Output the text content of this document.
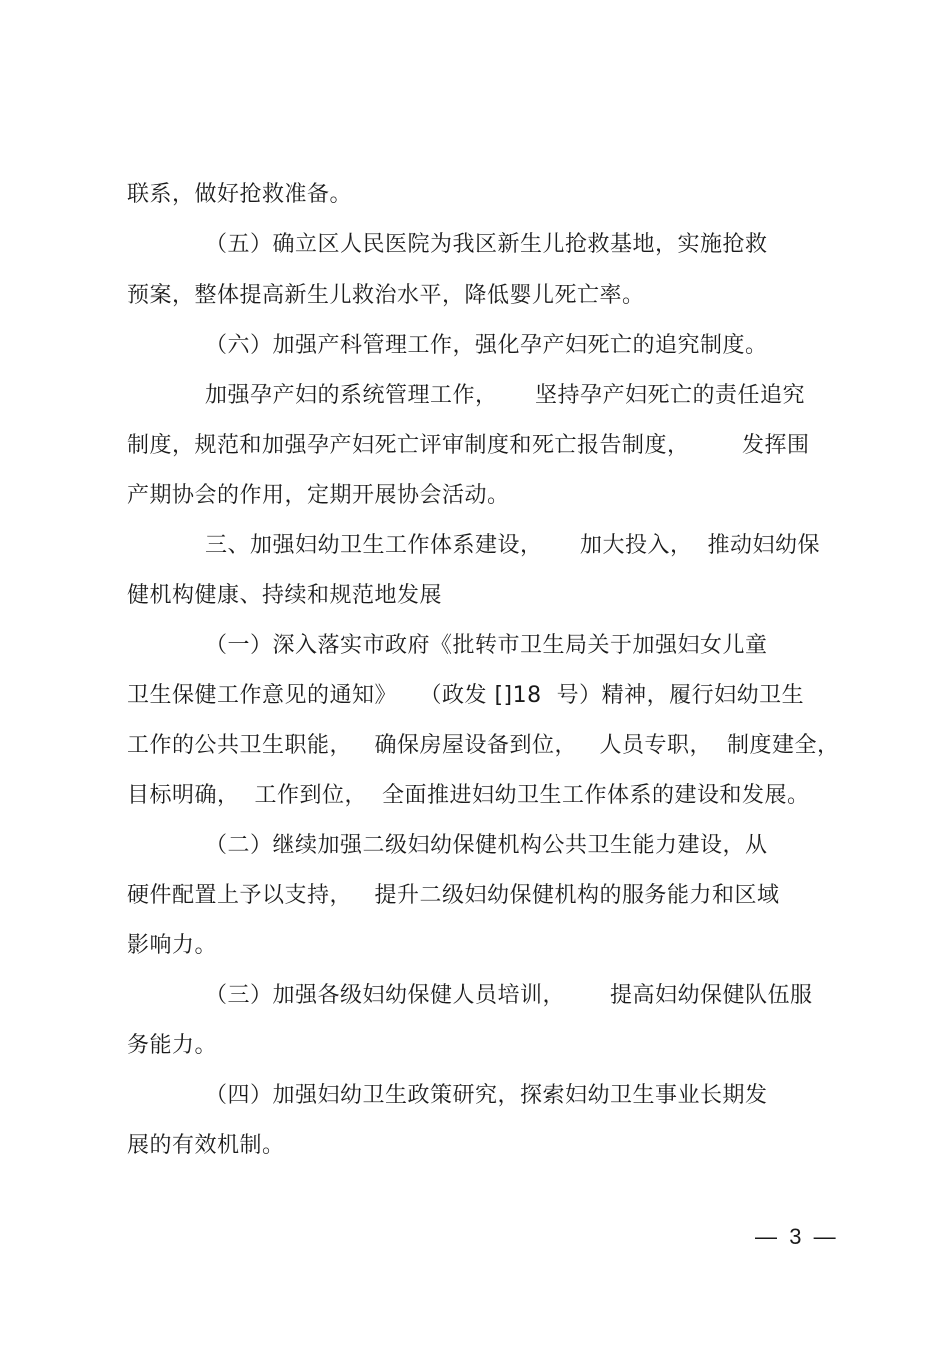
联系，做好抢救准备。
（五）确立区人民医院为我区新生儿抢救基地，实施抢救
预案，整体提高新生儿救治水平，降低婴儿死亡率。
（六）加强产科管理工作，强化孕产妇死亡的追究制度。
加强孕产妇的系统管理工作，     坚持孕产妇死亡的责任追究
制度，规范和加强孕产妇死亡评审制度和死亡报告制度，       发挥围
产期协会的作用，定期开展协会活动。
三、加强妇幼卫生工作体系建设，     加大投入，  推动妇幼保
健机构健康、持续和规范地发展
（一）深入落实市政府《批转市卫生局关于加强妇女儿童
卫生保健工作意见的通知》   （政发 []18  号）精神，履行妇幼卫生
工作的公共卫生职能，   确保房屋设备到位，   人员专职，  制度建全，
目标明确，  工作到位，  全面推进妇幼卫生工作体系的建设和发展。
（二）继续加强二级妇幼保健机构公共卫生能力建设，从
硬件配置上予以支持，   提升二级妇幼保健机构的服务能力和区域
影响力。
（三）加强各级妇幼保健人员培训，      提高妇幼保健队伍服
务能力。
（四）加强妇幼卫生政策研究，探索妇幼卫生事业长期发
展的有效机制。
—  3  —
